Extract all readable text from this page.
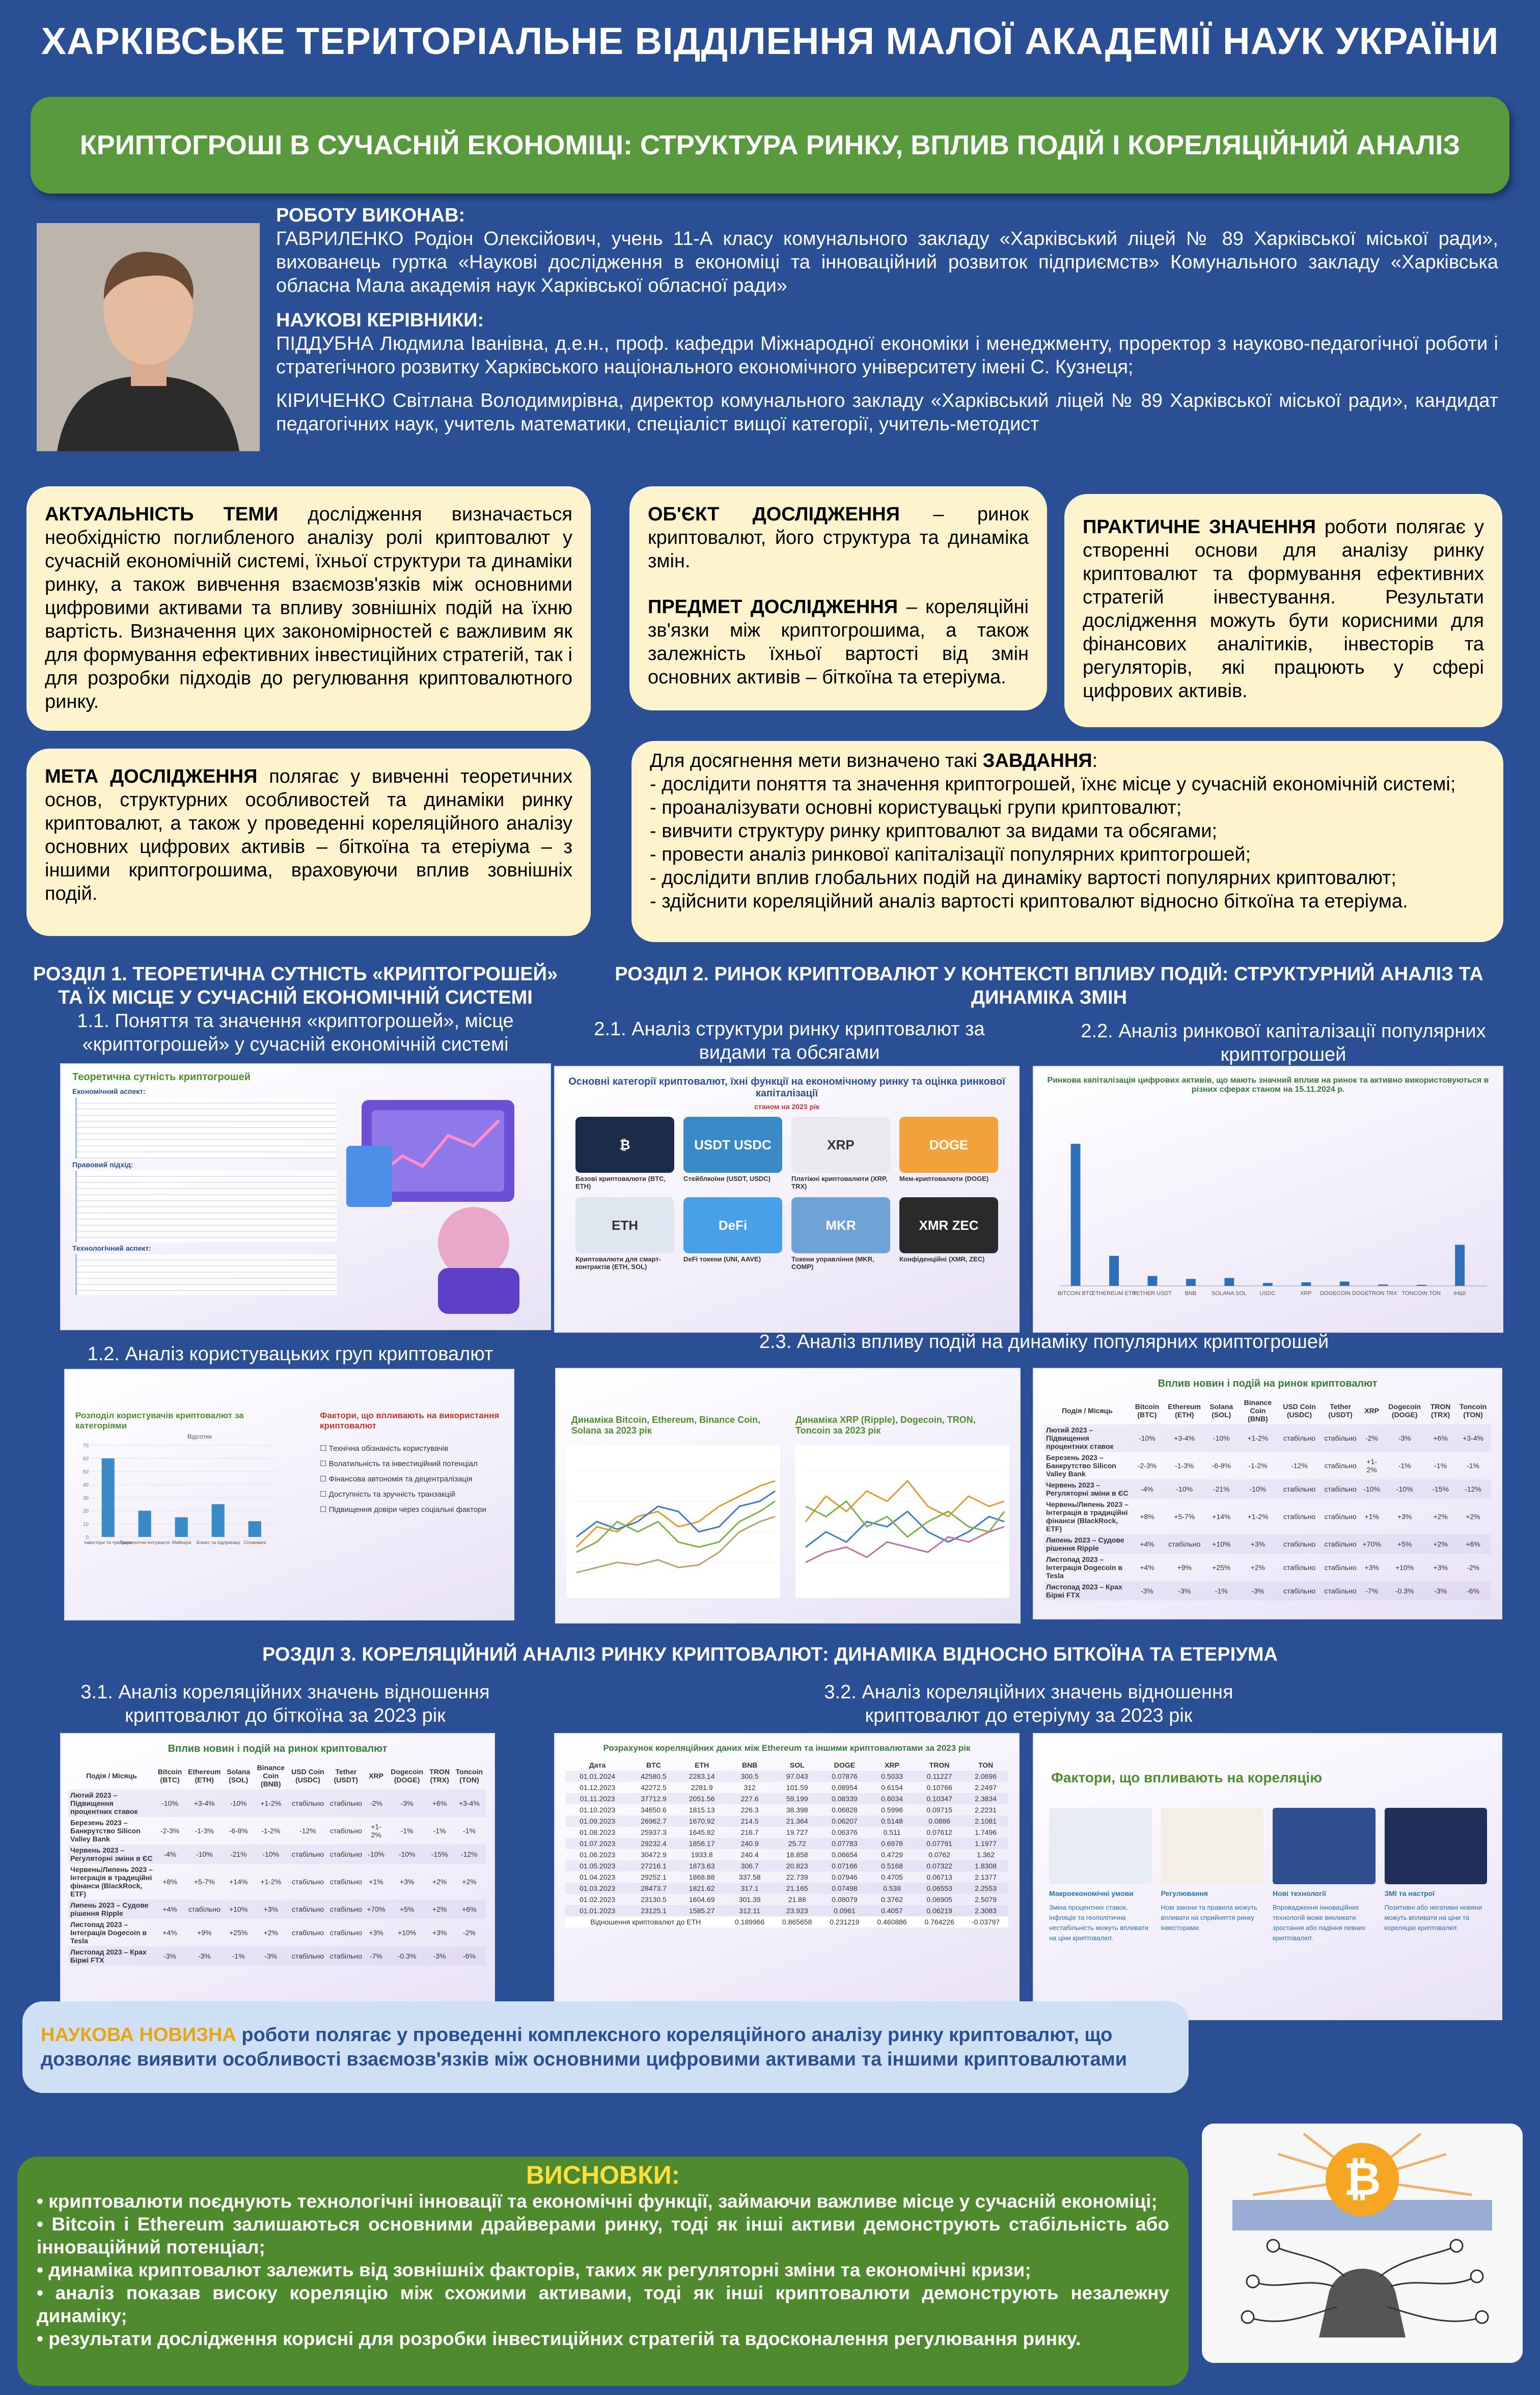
ХАРКІВСЬКЕ ТЕРИТОРІАЛЬНЕ ВІДДІЛЕННЯ МАЛОЇ АКАДЕМІЇ НАУК УКРАЇНИ
КРИПТОГРОШІ В СУЧАСНІЙ ЕКОНОМІЦІ: СТРУКТУРА РИНКУ, ВПЛИВ ПОДІЙ І КОРЕЛЯЦІЙНИЙ АНАЛІЗ
РОБОТУ ВИКОНАВ:
ГАВРИЛЕНКО Родіон Олексійович, учень 11-А класу комунального закладу «Харківський ліцей № 89 Харківської міської ради», вихованець гуртка «Наукові дослідження в економіці та інноваційний розвиток підприємств» Комунального закладу «Харківська обласна Мала академія наук Харківської обласної ради»
НАУКОВІ КЕРІВНИКИ:
ПІДДУБНА Людмила Іванівна, д.е.н., проф. кафедри Міжнародної економіки і менеджменту, проректор з науково-педагогічної роботи і стратегічного розвитку Харківського національного економічного університету імені С. Кузнеця;
КІРИЧЕНКО Світлана Володимирівна, директор комунального закладу «Харківський ліцей № 89 Харківської міської ради», кандидат педагогічних наук, учитель математики, спеціаліст вищої категорії, учитель-методист
АКТУАЛЬНІСТЬ ТЕМИ дослідження визначається необхідністю поглибленого аналізу ролі криптовалют у сучасній економічній системі, їхньої структури та динаміки ринку, а також вивчення взаємозв'язків між основними цифровими активами та впливу зовнішніх подій на їхню вартість. Визначення цих закономірностей є важливим як для формування ефективних інвестиційних стратегій, так і для розробки підходів до регулювання криптовалютного ринку.
ОБ'ЄКТ ДОСЛІДЖЕННЯ – ринок криптовалют, його структура та динаміка змін.
ПРЕДМЕТ ДОСЛІДЖЕННЯ – кореляційні зв'язки між криптогрошима, а також залежність їхньої вартості від змін основних активів – біткоїна та етеріума.
ПРАКТИЧНЕ ЗНАЧЕННЯ роботи полягає у створенні основи для аналізу ринку криптовалют та формування ефективних стратегій інвестування. Результати дослідження можуть бути корисними для фінансових аналітиків, інвесторів та регуляторів, які працюють у сфері цифрових активів.
МЕТА ДОСЛІДЖЕННЯ полягає у вивченні теоретичних основ, структурних особливостей та динаміки ринку криптовалют, а також у проведенні кореляційного аналізу основних цифрових активів – біткоїна та етеріума – з іншими криптогрошима, враховуючи вплив зовнішніх подій.
Для досягнення мети визначено такі ЗАВДАННЯ:
- дослідити поняття та значення криптогрошей, їхнє місце у сучасній економічній системі;
- проаналізувати основні користувацькі групи криптовалют;
- вивчити структуру ринку криптовалют за видами та обсягами;
- провести аналіз ринкової капіталізації популярних криптогрошей;
- дослідити вплив глобальних подій на динаміку вартості популярних криптовалют;
- здійснити кореляційний аналіз вартості криптовалют відносно біткоїна та етеріума.
РОЗДІЛ 1. ТЕОРЕТИЧНА СУТНІСТЬ «КРИПТОГРОШЕЙ» ТА ЇХ МІСЦЕ У СУЧАСНІЙ ЕКОНОМІЧНІЙ СИСТЕМІ
1.1. Поняття та значення «криптогрошей», місце «криптогрошей» у сучасній економічній системі
Теоретична сутність криптогрошей
Економічний аспект:
Правовий підхід:
Технологічний аспект:
1.2. Аналіз користувацьких груп криптовалют
Розподіл користувачів криптовалют за категоріями
Відсотки
0
10
20
30
40
50
60
70
Інвестори та трейдери
Технологічні ентузіасти Майнери Бізнес та підприємці Споживачі
Фактори, що впливають на використання криптовалют
☐ Технічна обізнаність користувачів
☐ Волатильність та інвестиційний потенціал
☐ Фінансова автономія та децентралізація
☐ Доступність та зручність транзакцій
☐ Підвищення довіри через соціальні фактори
РОЗДІЛ 2. РИНОК КРИПТОВАЛЮТ У КОНТЕКСТІ ВПЛИВУ ПОДІЙ: СТРУКТУРНИЙ АНАЛІЗ ТА ДИНАМІКА ЗМІН
2.1. Аналіз структури ринку криптовалют за видами та обсягами
2.2. Аналіз ринкової капіталізації популярних криптогрошей
Основні категорії криптовалют, їхні функції на економічному ринку та оцінка ринкової капіталізації
станом на 2023 рік
₿
Базові криптовалюти (BTC, ETH)
USDT USDC
Стейблкоїни (USDT, USDC)
XRP
Платіжні криптовалюти (XRP, TRX)
DOGE
Мем-криптовалюти (DOGE)
ETH
Криптовалюти для смарт-контрактів (ETH, SOL)
DeFi
DeFi токени (UNI, AAVE)
MKR
Токени управління (MKR, COMP)
XMR ZEC
Конфіденційні (XMR, ZEC)
Ринкова капіталізація цифрових активів, що мають значний вплив на ринок та активно використовуються в різних сферах станом на 15.11.2024 р.
BITCOIN BTC
ETHEREUM ETH
TETHER USDT BNB	SOLANA SOL USDC	XRP DOGECOIN DOGE TRON TRX TONCOIN TON ІНШІ
2.3. Аналіз впливу подій на динаміку популярних криптогрошей
Динаміка Bitcoin, Ethereum, Binance Coin, Solana за 2023 рік
Динаміка XRP (Ripple), Dogecoin, TRON, Toncoin за 2023 рік
Вплив новин і подій на ринок криптовалют
Подія / Місяць	Bitcoin (BTC)	Ethereum (ETH)	Solana (SOL)	Binance Coin (BNB)	USD Coin (USDC)	Tether (USDT)	XRP	Dogecoin (DOGE)	TRON (TRX)	Toncoin (TON)
Лютий 2023 – Підвищення процентних ставок	-10%	+3-4%	-10%	+1-2%	стабільно	стабільно	-2%	-3%	+6%	+3-4%
Березень 2023 – Банкрутство Silicon Valley Bank	-2-3%	-1-3%	-6-8%	-1-2%	-12%	стабільно	+1-2%	-1%	-1%	-1%
Червень 2023 – Регуляторні зміни в ЄС	-4%	-10%	-21%	-10%	стабільно	стабільно	-10%	-10%	-15%	-12%
Червень/Липень 2023 – Інтеграція в традиційні фінанси (BlackRock, ETF)	+8%	+5-7%	+14%	+1-2%	стабільно	стабільно	+1%	+3%	+2%	+2%
Липень 2023 – Судове рішення Ripple	+4%	стабільно	+10%	+3%	стабільно	стабільно	+70%	+5%	+2%	+6%
Листопад 2023 – Інтеграція Dogecoin в Tesla	+4%	+9%	+25%	+2%	стабільно	стабільно	+3%	+10%	+3%	-2%
Листопад 2023 – Крах Біржі FTX	-3%	-3%	-1%	-3%	стабільно	стабільно	-7%	-0.3%	-3%	-6%
РОЗДІЛ 3. КОРЕЛЯЦІЙНИЙ АНАЛІЗ РИНКУ КРИПТОВАЛЮТ: ДИНАМІКА ВІДНОСНО БІТКОЇНА ТА ЕТЕРІУМА
3.1. Аналіз кореляційних значень відношення криптовалют до біткоїна за 2023 рік
3.2. Аналіз кореляційних значень відношення криптовалют до етеріуму за 2023 рік
Вплив новин і подій на ринок криптовалют
Подія / Місяць	Bitcoin (BTC)	Ethereum (ETH)	Solana (SOL)	Binance Coin (BNB)	USD Coin (USDC)	Tether (USDT)	XRP	Dogecoin (DOGE)	TRON (TRX)	Toncoin (TON)
Лютий 2023 – Підвищення процентних ставок	-10%	+3-4%	-10%	+1-2%	стабільно	стабільно	-2%	-3%	+6%	+3-4%
Березень 2023 – Банкрутство Silicon Valley Bank	-2-3%	-1-3%	-6-8%	-1-2%	-12%	стабільно	+1-2%	-1%	-1%	-1%
Червень 2023 – Регуляторні зміни в ЄС	-4%	-10%	-21%	-10%	стабільно	стабільно	-10%	-10%	-15%	-12%
Червень/Липень 2023 – Інтеграція в традиційні фінанси (BlackRock, ETF)	+8%	+5-7%	+14%	+1-2%	стабільно	стабільно	+1%	+3%	+2%	+2%
Липень 2023 – Судове рішення Ripple	+4%	стабільно	+10%	+3%	стабільно	стабільно	+70%	+5%	+2%	+6%
Листопад 2023 – Інтеграція Dogecoin в Tesla	+4%	+9%	+25%	+2%	стабільно	стабільно	+3%	+10%	+3%	-2%
Листопад 2023 – Крах Біржі FTX	-3%	-3%	-1%	-3%	стабільно	стабільно	-7%	-0.3%	-3%	-6%
Розрахунок кореляційних даних між Ethereum та іншими криптовалютами за 2023 рік
Дата	BTC	ETH	BNB	SOL	DOGE	XRP	TRON	TON
01.01.2024	42580.5	2283.14	300.5	97.043	0.07876	0.5033	0.11227	2.0696
01.12.2023	42272.5	2281.9	312	101.59	0.08954	0.6154	0.10766	2.2497
01.11.2023	37712.9	2051.56	227.6	59.199	0.08339	0.6034	0.10347	2.3834
01.10.2023	34650.6	1815.13	226.3	38.398	0.06828	0.5996	0.09715	2.2231
01.09.2023	26962.7	1670.92	214.5	21.364	0.06207	0.5148	0.0886	2.1081
01.08.2023	25937.3	1645.82	216.7	19.727	0.06376	0.511	0.07612	1.7496
01.07.2023	29232.4	1856.17	240.9	25.72	0.07783	0.6976	0.07791	1.1977
01.06.2023	30472.9	1933.8	240.4	18.858	0.06654	0.4729	0.0762	1.362
01.05.2023	27216.1	1873.63	306.7	20.823	0.07166	0.5168	0.07322	1.8308
01.04.2023	29252.1	1868.88	337.58	22.739	0.07946	0.4705	0.06713	2.1377
01.03.2023	28473.7	1821.62	317.1	21.165	0.07498	0.538	0.06553	2.2553
01.02.2023	23130.5	1604.69	301.39	21.88	0.08079	0.3762	0.06905	2.5079
01.01.2023	23125.1	1585.27	312.11	23.923	0.0961	0.4057	0.06219	2.3083
Відношення криптовалют до ETH			0.189966	0.865658	0.231219	0.460886	0.764226	-0.03797
Фактори, що впливають на кореляцію
Макроекономічні умови
Зміна процентних ставок, інфляція та геополітична нестабільність можуть впливати на ціни криптовалют.
Регулювання
Нові закони та правила можуть впливати на сприйняття ринку інвесторами.
Нові технології
Впровадження інноваційних технологій може викликати зростання або падіння певних криптовалют.
ЗМІ та настрої
Позитивні або негативні новини можуть впливати на ціни та кореляцію криптовалют.
НАУКОВА НОВИЗНА роботи полягає у проведенні комплексного кореляційного аналізу ринку криптовалют, що дозволяє виявити особливості взаємозв'язків між основними цифровими активами та іншими криптовалютами
ВИСНОВКИ:
• криптовалюти поєднують технологічні інновації та економічні функції, займаючи важливе місце у сучасній економіці;
• Bitcoin і Ethereum залишаються основними драйверами ринку, тоді як інші активи демонструють стабільність або інноваційний потенціал;
• динаміка криптовалют залежить від зовнішніх факторів, таких як регуляторні зміни та економічні кризи;
• аналіз показав високу кореляцію між схожими активами, тоді як інші криптовалюти демонструють незалежну динаміку;
• результати дослідження корисні для розробки інвестиційних стратегій та вдосконалення регулювання ринку.
₿
